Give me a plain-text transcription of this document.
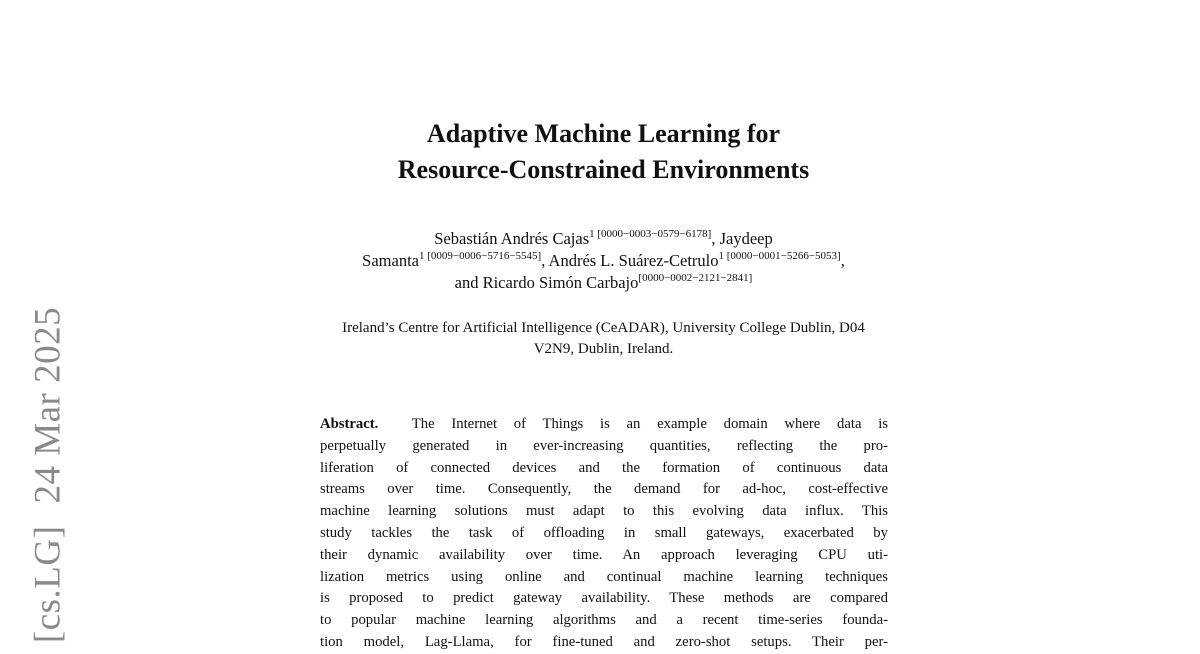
[cs.LG]24 Mar 2025
Adaptive Machine Learning for
Resource-Constrained Environments
Sebastián Andrés Cajas$^{1 [0000-0003-0579-6178]}$, Jaydeep
Samanta$^{1 [0009-0006-5716-5545]}$, Andrés L. Suárez-Cetrulo$^{1 [0000-0001-5266-5053]}$,
and Ricardo Simón Carbajo[0000−0002−2121−2841]
Ireland’s Centre for Artificial Intelligence (CeADAR), University College Dublin, D04
V2N9, Dublin, Ireland.
Abstract. The Internet of Things is an example domain where data is
perpetually generated in ever-increasing quantities, reflecting the pro-
liferation of connected devices and the formation of continuous data
streams over time. Consequently, the demand for ad-hoc, cost-effective
machine learning solutions must adapt to this evolving data influx. This
study tackles the task of offloading in small gateways, exacerbated by
their dynamic availability over time. An approach leveraging CPU uti-
lization metrics using online and continual machine learning techniques
is proposed to predict gateway availability. These methods are compared
to popular machine learning algorithms and a recent time-series founda-
tion model, Lag-Llama, for fine-tuned and zero-shot setups. Their per-
